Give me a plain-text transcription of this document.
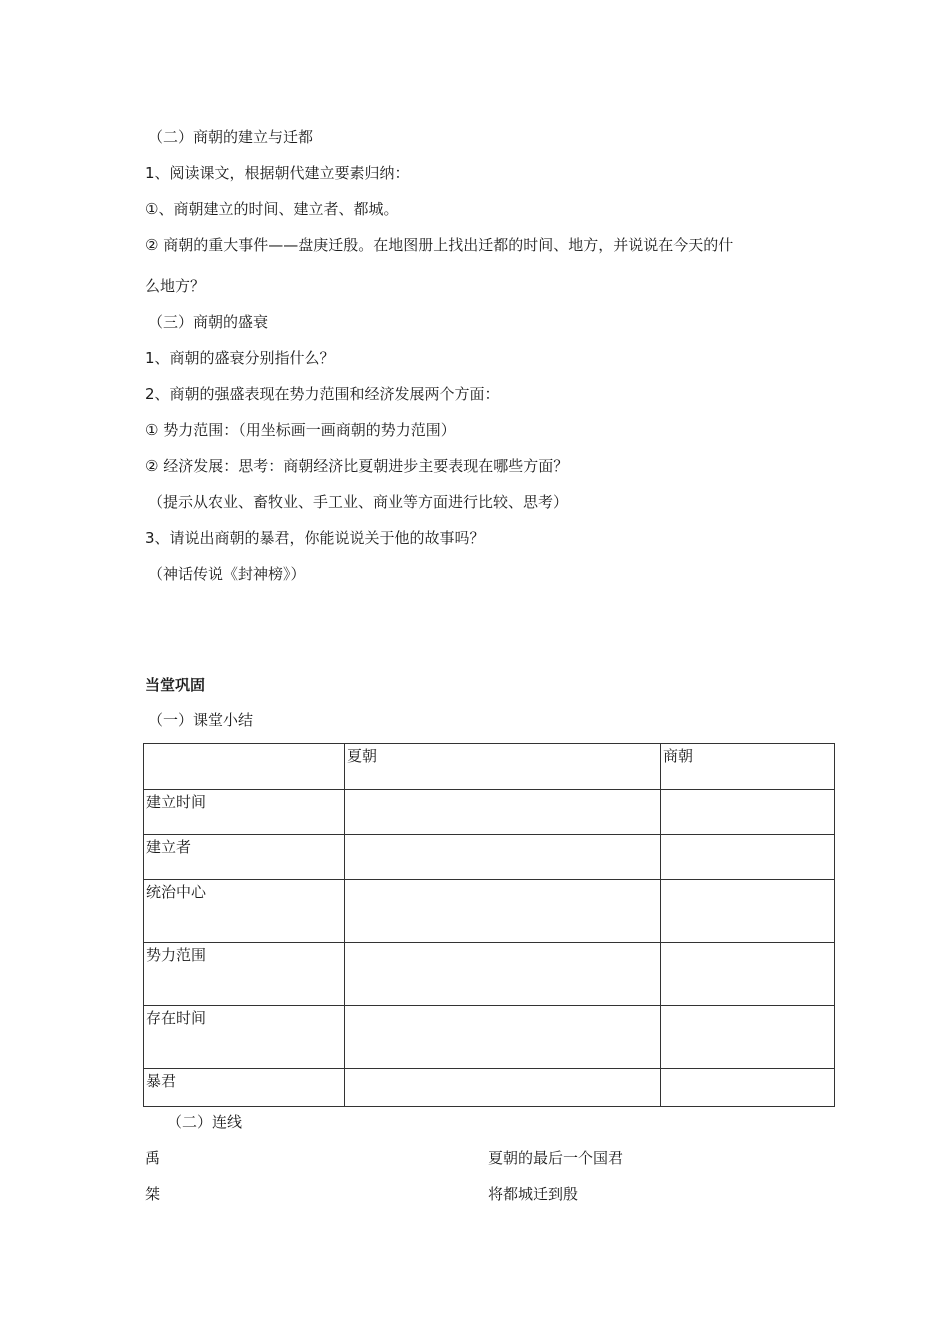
（二）商朝的建立与迁都
1、阅读课文，根据朝代建立要素归纳：
①、商朝建立的时间、建立者、都城。
② 商朝的重大事件——盘庚迁殷。在地图册上找出迁都的时间、地方，并说说在今天的什
么地方？
（三）商朝的盛衰
1、商朝的盛衰分别指什么？
2、商朝的强盛表现在势力范围和经济发展两个方面：
① 势力范围：（用坐标画一画商朝的势力范围）
② 经济发展：思考：商朝经济比夏朝进步主要表现在哪些方面？
（提示从农业、畜牧业、手工业、商业等方面进行比较、思考）
3、请说出商朝的暴君，你能说说关于他的故事吗？
（神话传说《封神榜》）
当堂巩固
（一）课堂小结
	夏朝	商朝
建立时间		
建立者		
统治中心		
势力范围		
存在时间		
暴君		
（二）连线
禹	夏朝的最后一个国君
桀	将都城迁到殷
